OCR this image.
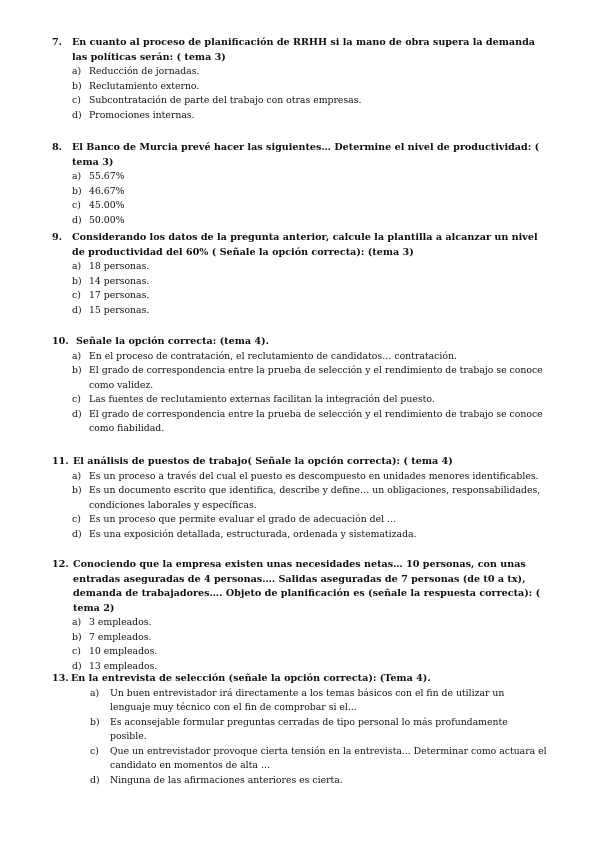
7.	En cuanto al proceso de planificación de RRHH si la mano de obra supera la demanda las políticas serán: ( tema 3)
a) Reducción de jornadas.
b) Reclutamiento externo.
c) Subcontratación de parte del trabajo con otras empresas.
d) Promociones internas.
8.	El Banco de Murcia prevé hacer las siguientes… Determine el nivel de productividad: ( tema 3)
a) 55.67%
b) 46.67%
c) 45.00%
d) 50.00%
9.	Considerando los datos de la pregunta anterior, calcule la plantilla a alcanzar un nivel de productividad del 60% ( Señale la opción correcta): (tema 3)
a) 18 personas.
b) 14 personas.
c) 17 personas.
d) 15 personas.
10. Señale la opción correcta: (tema 4).
a) En el proceso de contratación, el reclutamiento de candidatos… contratación.
b) El grado de correspondencia entre la prueba de selección y el rendimiento de trabajo se conoce como validez.
c) Las fuentes de reclutamiento externas facilitan la integración del puesto.
d) El grado de correspondencia entre la prueba de selección y el rendimiento de trabajo se conoce como fiabilidad.
11. El análisis de puestos de trabajo( Señale la opción correcta): ( tema 4)
a) Es un proceso a través del cual el puesto es descompuesto en unidades menores identificables.
b) Es un documento escrito que identifica, describe y define… un obligaciones, responsabilidades, condiciones laborales y específicas.
c) Es un proceso que permite evaluar el grado de adecuación del …
d) Es una exposición detallada, estructurada, ordenada y sistematizada.
12. Conociendo que la empresa existen unas necesidades netas… 10 personas, con unas entradas aseguradas de 4 personas…. Salidas aseguradas de 7 personas (de t0 a tx), demanda de trabajadores…. Objeto de planificación es (señale la respuesta correcta): ( tema 2)
a) 3 empleados.
b) 7 empleados.
c) 10 empleados.
d) 13 empleados.
13. En la entrevista de selección (señale la opción correcta): (Tema 4).
a)	Un buen entrevistador irá directamente a los temas básicos con el fin de utilizar un lenguaje muy técnico con el fin de comprobar si el...
b)	Es aconsejable formular preguntas cerradas de tipo personal lo más profundamente posible.
c)	Que un entrevistador provoque cierta tensión en la entrevista... Determinar como actuara el candidato en momentos de alta …
d)	Ninguna de las afirmaciones anteriores es cierta.
